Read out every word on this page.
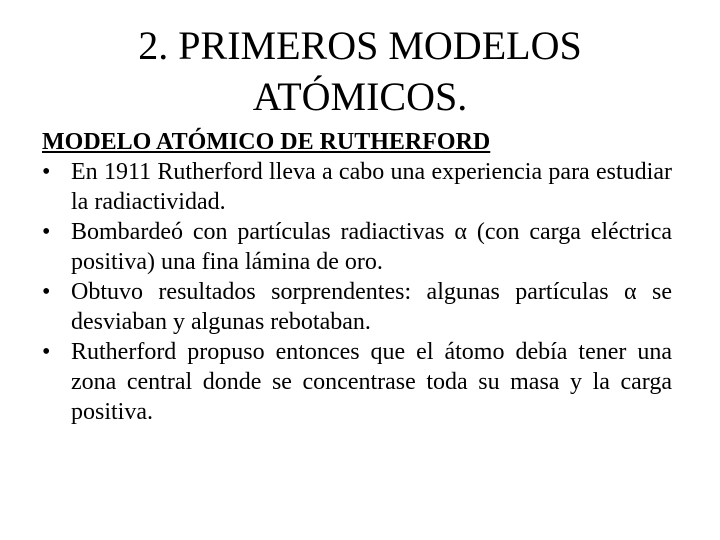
2. PRIMEROS MODELOS
ATÓMICOS.

MODELO ATÓMICO DE RUTHERFORD

• En 1911 Rutherford lleva a cabo una experiencia para estudiar la radiactividad.
• Bombardeó con partículas radiactivas α (con carga eléctrica positiva) una fina lámina de oro.
• Obtuvo resultados sorprendentes: algunas partículas α se desviaban y algunas rebotaban.
• Rutherford propuso entonces que el átomo debía tener una zona central donde se concentrase toda su masa y la carga positiva.
